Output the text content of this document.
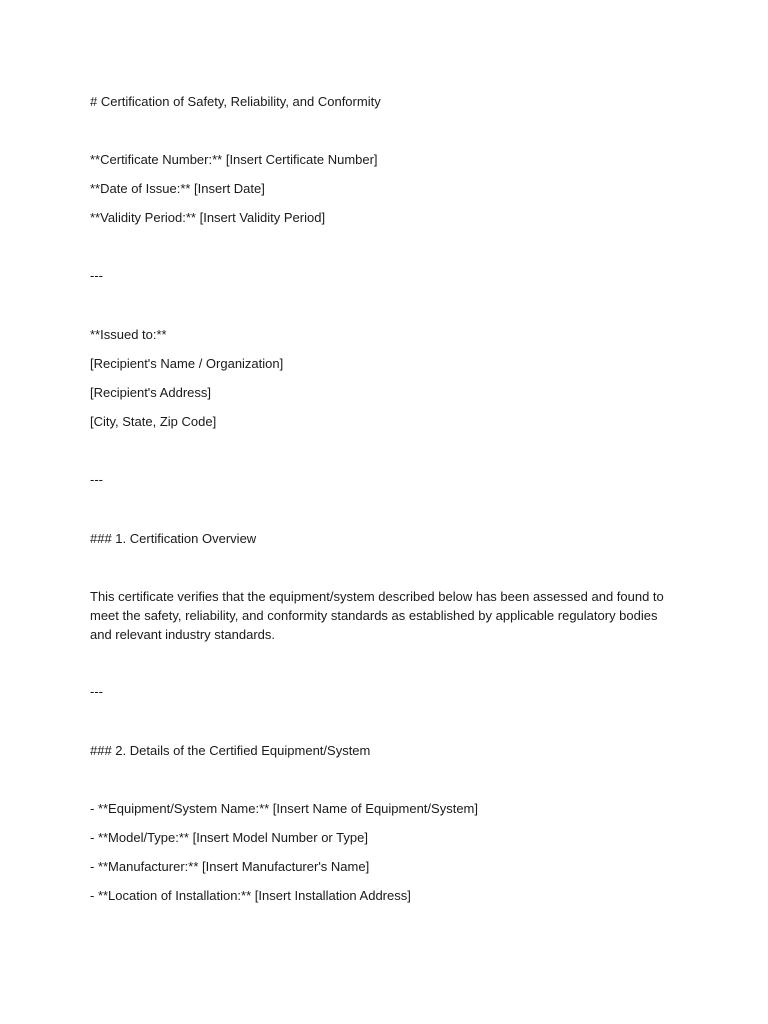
# Certification of Safety, Reliability, and Conformity
**Certificate Number:** [Insert Certificate Number]
**Date of Issue:** [Insert Date]
**Validity Period:** [Insert Validity Period]
---
**Issued to:**
[Recipient's Name / Organization]
[Recipient's Address]
[City, State, Zip Code]
---
### 1. Certification Overview
This certificate verifies that the equipment/system described below has been assessed and found to meet the safety, reliability, and conformity standards as established by applicable regulatory bodies and relevant industry standards.
---
### 2. Details of the Certified Equipment/System
- **Equipment/System Name:** [Insert Name of Equipment/System]
- **Model/Type:** [Insert Model Number or Type]
- **Manufacturer:** [Insert Manufacturer's Name]
- **Location of Installation:** [Insert Installation Address]
